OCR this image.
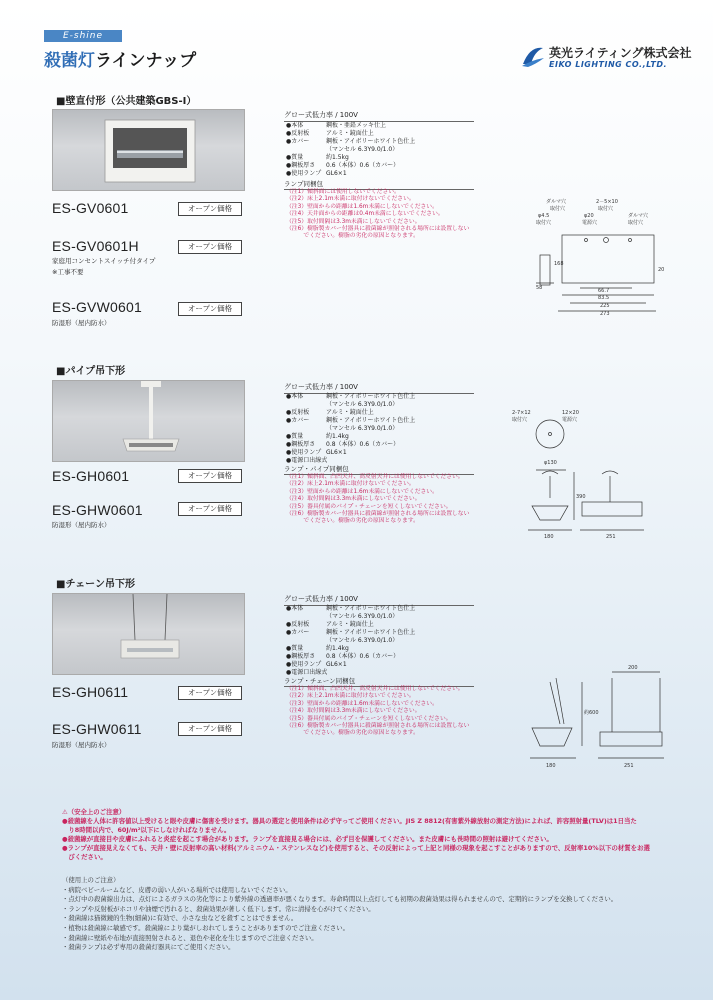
E-shine
殺菌灯ラインナップ	英光ライティング株式会社
EIKO LIGHTING CO.,LTD.
■壁直付形（公共建築GBS-Ⅰ）
ES-GV0601	オープン価格
ES-GV0601H	オープン価格
家庭用コンセントスイッチ付タイプ
※工事不要
ES-GVW0601	オープン価格
防湿形（屋内防水）
グロー式低力率 / 100V
●本体	鋼板・亜鉛メッキ仕上
●反射板	アルミ・鏡面仕上
●カバー	鋼板・アイボリーホワイト色仕上
（マンセル 6.3Y9.0/1.0）
●質量	約1.5kg
●鋼板厚さ	0.6（本体）0.6（カバー）
●使用ランプ GL6×1
ランプ同梱包
（注1）傾斜面には使用しないでください。
（注2）床上2.1m未満に取付けないでください。
（注3）壁面からの距離は1.6m未満にしないでください。
（注4）天井面からの距離は0.4m未満にしないでください。
（注5）取付間隔は3.3m未満にしないでください。
（注6）樹脂製カバー付器具に殺菌線が照射される場所には設置しない
　　　でください。樹脂の劣化の原因となります。
ダルマ穴
取付穴
2－5×10
取付穴
φ4.5
取付穴
φ20
電源穴
ダルマ穴
取付穴
168
58	66.7
83.5
225
273
20
■パイプ吊下形
ES-GH0601	オープン価格
ES-GHW0601	オープン価格
防湿形（屋内防水）
グロー式低力率 / 100V
●本体	鋼板・アイボリーホワイト色仕上
（マンセル 6.3Y9.0/1.0）
●反射板	アルミ・鏡面仕上
●カバー	鋼板・アイボリーホワイト色仕上
（マンセル 6.3Y9.0/1.0）
●質量	約1.4kg
●鋼板厚さ	0.8（本体）0.6（カバー）
●使用ランプ GL6×1
●電源口出線式
ランプ・パイプ同梱包
（注1）傾斜面、凸凹天井、高反射天井には使用しないでください。
（注2）床上2.1m未満に取付けないでください。
（注3）壁面からの距離は1.6m未満にしないでください。
（注4）取付間隔は3.3m未満にしないでください。
（注5）器具付属のパイプ・チェーンを短くしないでください。
（注6）樹脂製カバー付器具に殺菌線が照射される場所には設置しない
　　　でください。樹脂の劣化の原因となります。
2-7×12
取付穴
12×20
電源穴
φ130
390
180	251
■チェーン吊下形
ES-GH0611	オープン価格
ES-GHW0611	オープン価格
防湿形（屋内防水）
グロー式低力率 / 100V
●本体	鋼板・アイボリーホワイト色仕上
（マンセル 6.3Y9.0/1.0）
●反射板	アルミ・鏡面仕上
●カバー	鋼板・アイボリーホワイト色仕上
（マンセル 6.3Y9.0/1.0）
●質量	約1.4kg
●鋼板厚さ	0.8（本体）0.6（カバー）
●使用ランプ GL6×1
●電源口出線式
ランプ・チェーン同梱包
（注1）傾斜面、凸凹天井、高反射天井には使用しないでください。
（注2）床上2.1m未満に取付けないでください。
（注3）壁面からの距離は1.6m未満にしないでください。
（注4）取付間隔は3.3m未満にしないでください。
（注5）器具付属のパイプ・チェーンを短くしないでください。
（注6）樹脂製カバー付器具に殺菌線が照射される場所には設置しない
　　　でください。樹脂の劣化の原因となります。
200
約600
180	251
⚠（安全上のご注意）
●殺菌線を人体に許容値以上受けると眼や皮膚に傷害を受けます。器具の選定と使用条件は必ず守ってご使用ください。JIS Z 8812(有害紫外線放射の測定方法)によれば、許容照射量(TLV)は1日当た
　り8時間以内で、60J/m²以下にしなければなりません。
●殺菌線が直接目や皮膚にふれると炎症を起こす場合があります。ランプを直接見る場合には、必ず目を保護してください。また皮膚にも長時間の照射は避けてください。
●ランプが直接見えなくても、天井・壁に反射率の高い材料(アルミニウム・ステンレスなど)を使用すると、その反射によって上記と同様の現象を起こすことがありますので、反射率10%以下の材質をお選
　びください。
（使用上のご注意）
・病院ベビールームなど、皮膚の弱い人がいる場所では使用しないでください。
・点灯中の殺菌線出力は、点灯によるガラスの劣化等により紫外線の透過率が悪くなります。寿命時間以上点灯しても初期の殺菌効果は得られませんので、定期的にランプを交換してください。
・ランプや反射板がホコリや油煙で汚れると、殺菌効果が著しく低下します。常に清掃を心がけてください。
・殺菌線は猫微鏡的生物(細菌)に有効で、小さな虫などを殺すことはできません。
・植物は殺菌線に敏感です。殺菌線により葉がしおれてしまうことがありますのでご注意ください。
・殺菌線に壁紙や布地が直接照射されると、退色や老化を生じますのでご注意ください。
・殺菌ランプは必ず専用の殺菌灯器具にてご使用ください。
